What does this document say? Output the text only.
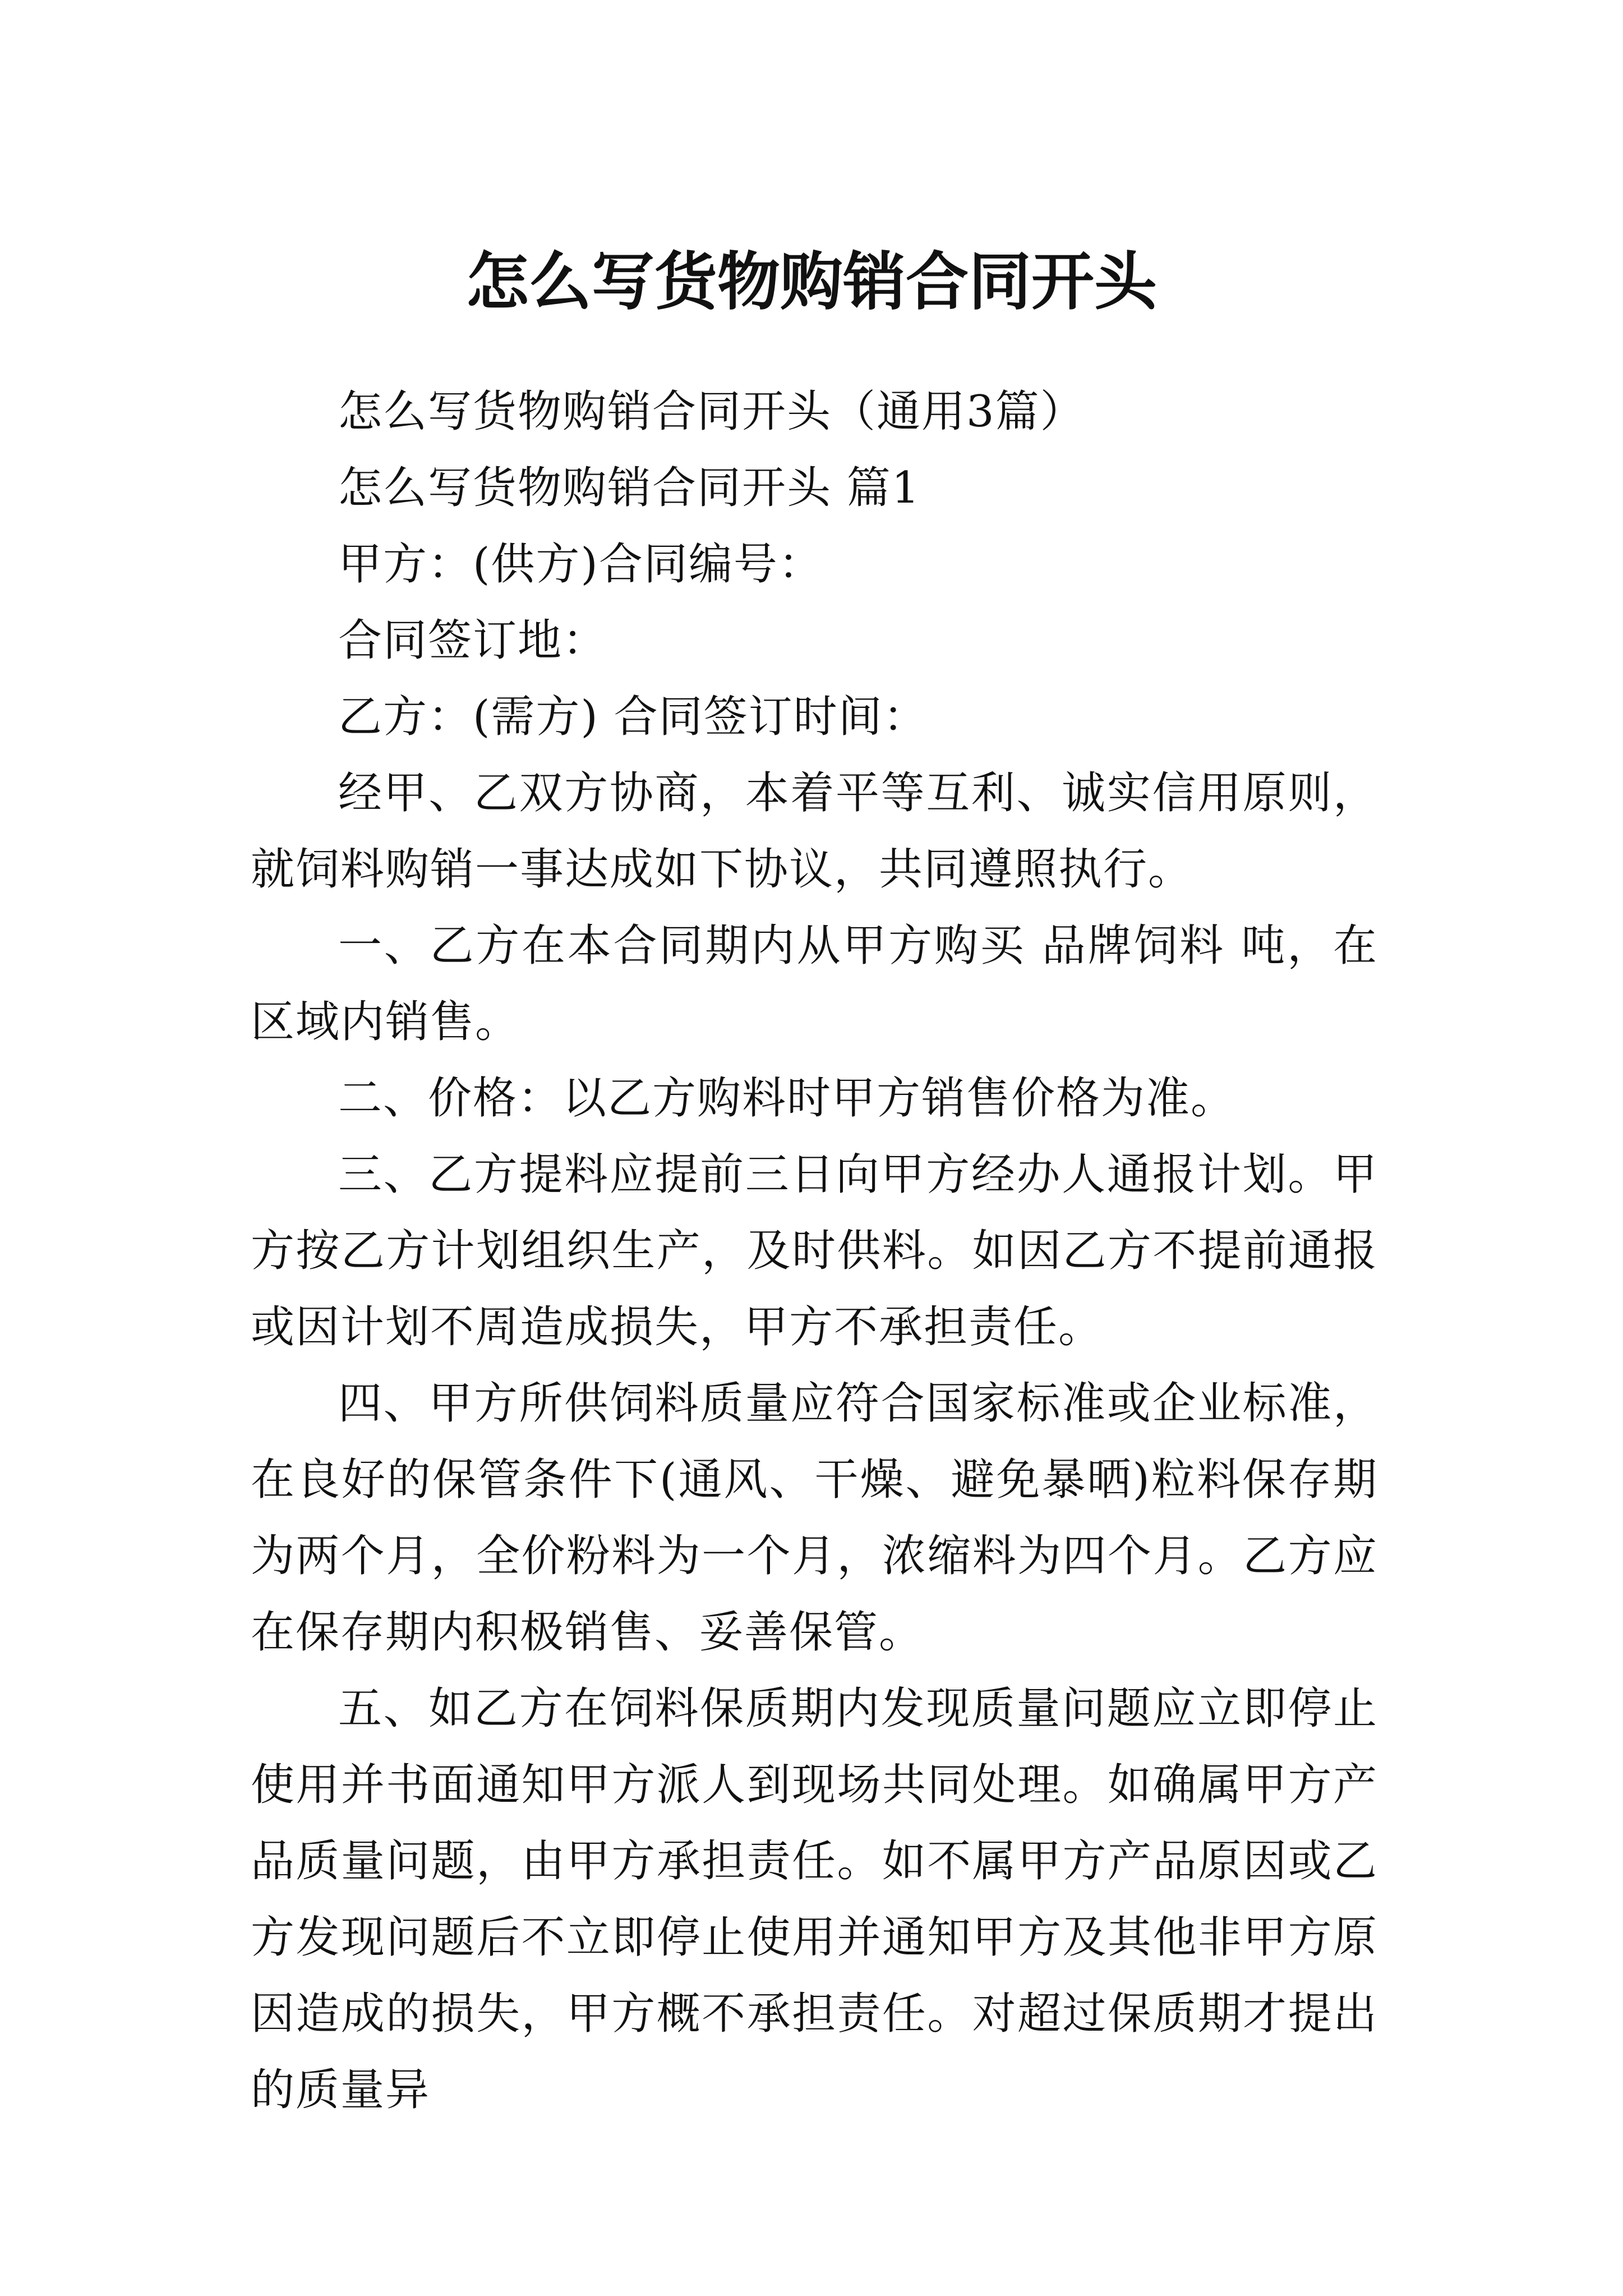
怎么写货物购销合同开头

怎么写货物购销合同开头（通用3篇）

怎么写货物购销合同开头 篇1

甲方：(供方)合同编号：

合同签订地：

乙方：(需方) 合同签订时间：

经甲、乙双方协商，本着平等互利、诚实信用原则，就饲料购销一事达成如下协议，共同遵照执行。

一、乙方在本合同期内从甲方购买 品牌饲料 吨，在 区域内销售。

二、价格：以乙方购料时甲方销售价格为准。

三、乙方提料应提前三日向甲方经办人通报计划。甲方按乙方计划组织生产，及时供料。如因乙方不提前通报或因计划不周造成损失，甲方不承担责任。

四、甲方所供饲料质量应符合国家标准或企业标准，在良好的保管条件下(通风、干燥、避免暴晒)粒料保存期为两个月，全价粉料为一个月，浓缩料为四个月。乙方应在保存期内积极销售、妥善保管。

五、如乙方在饲料保质期内发现质量问题应立即停止使用并书面通知甲方派人到现场共同处理。如确属甲方产品质量问题，由甲方承担责任。如不属甲方产品原因或乙方发现问题后不立即停止使用并通知甲方及其他非甲方原因造成的损失，甲方概不承担责任。对超过保质期才提出的质量异
